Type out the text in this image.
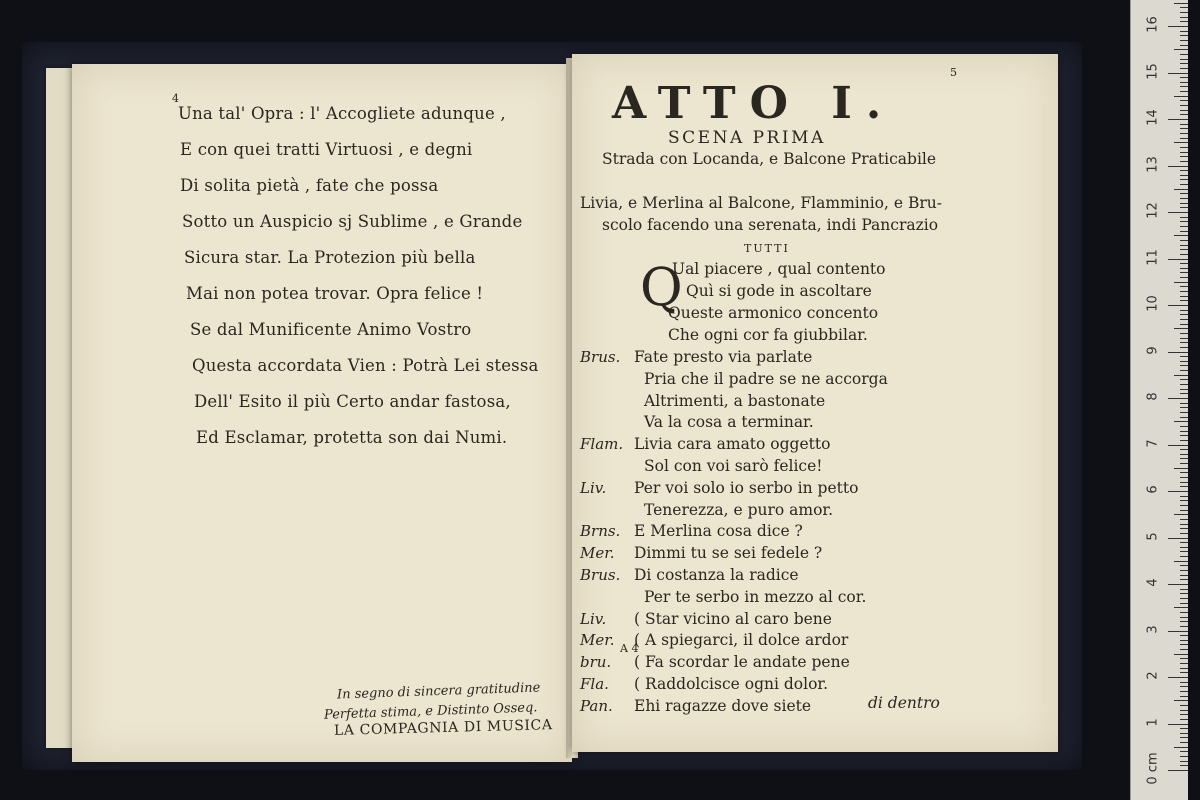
4
Una tal' Opra : l' Accogliete adunque ,
E con quei tratti Virtuosi , e degni
Di solita pietà , fate che possa
Sotto un Auspicio sj Sublime , e Grande
Sicura star. La Protezion più bella
Mai non potea trovar. Opra felice !
Se dal Munificente Animo Vostro
Questa accordata Vien : Potrà Lei stessa
Dell' Esito il più Certo andar fastosa,
Ed Esclamar, protetta son dai Numi.
In segno di sincera gratitudine
Perfetta stima, e Distinto Osseq.
LA COMPAGNIA DI MUSICA
5
ATTO I.
SCENA PRIMA
Strada con Locanda, e Balcone Praticabile
Livia, e Merlina al Balcone, Flamminio, e Bru-
scolo facendo una serenata, indi Pancrazio
TUTTI
Q
Ual piacere , qual contento
Quì si gode in ascoltare
Queste armonico concento
Che ogni cor fa giubbilar.
Brus. Fate presto via parlate
Pria che il padre se ne accorga
Altrimenti, a bastonate
Va la cosa a terminar.
Flam. Livia cara amato oggetto
Sol con voi sarò felice!
Liv. Per voi solo io serbo in petto
Tenerezza, e puro amor.
Brns. E Merlina cosa dice ?
Mer. Dimmi tu se sei fedele ?
Brus. Di costanza la radice
Per te serbo in mezzo al cor.
Liv. ( Star vicino al caro bene
Mer. ( A spiegarci, il dolce ardor
bru. ( Fa scordar le andate pene
Fla. ( Raddolcisce ogni dolor.
Pan. Ehi ragazze dove siete	di dentro
A 4
0 cm
1
2
3
4
5
6
7
8
9
10
11
12
13
14
15
16
